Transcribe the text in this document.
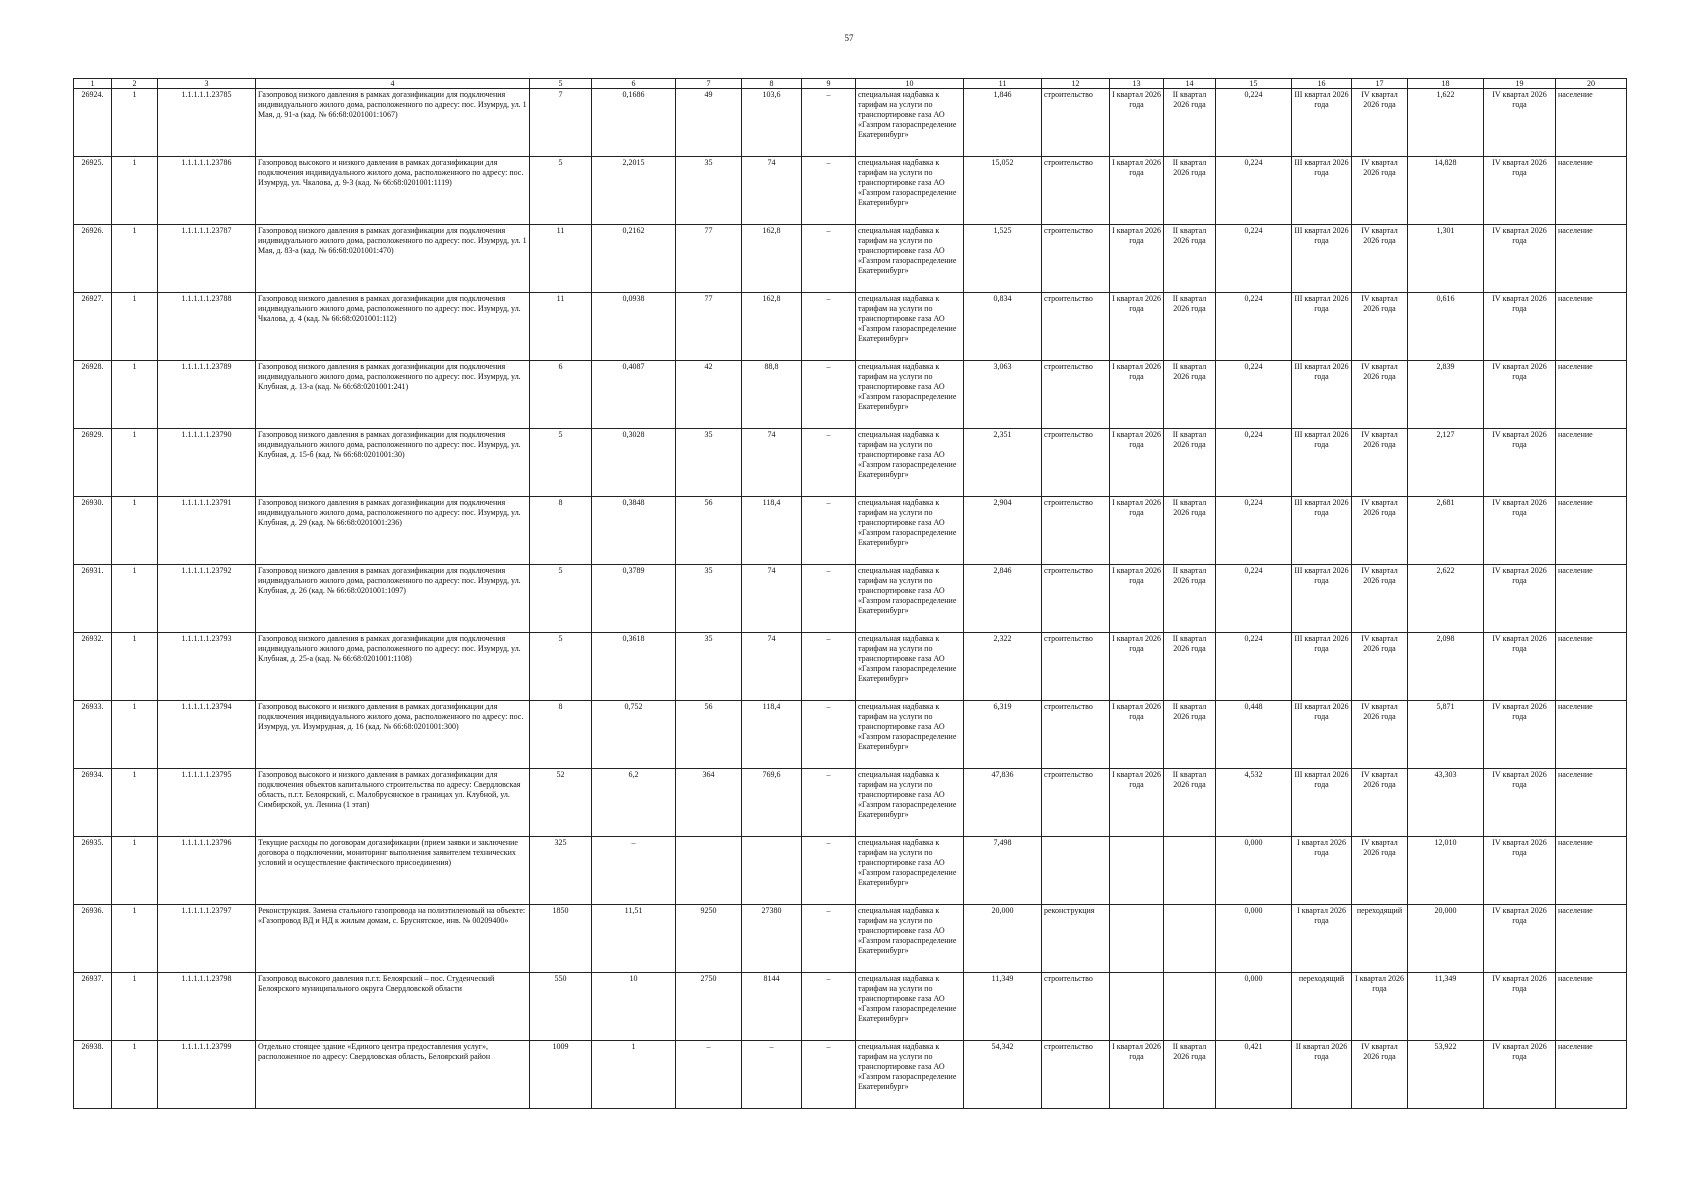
57
1	2	3	4	5	6	7	8	9	10	11	12	13	14	15	16	17	18	19	20
26924.	1	1.1.1.1.1.23785	Газопровод низкого давления в рамках догазификации для подключения индивидуального жилого дома, расположенного по адресу: пос. Изумруд, ул. 1 Мая, д. 91-а (кад. № 66:68:0201001:1067)	7	0,1686	49	103,6	–	специальная надбавка к тарифам на услуги по транспортировке газа АО «Газпром газораспределение Екатеринбург»	1,846	строительство	I квартал 2026 года	II квартал 2026 года	0,224	III квартал 2026 года	IV квартал 2026 года	1,622	IV квартал 2026 года	население
26925.	1	1.1.1.1.1.23786	Газопровод высокого и низкого давления в рамках догазификации для подключения индивидуального жилого дома, расположенного по адресу: пос. Изумруд, ул. Чкалова, д. 9-3 (кад. № 66:68:0201001:1119)	5	2,2015	35	74	–	специальная надбавка к тарифам на услуги по транспортировке газа АО «Газпром газораспределение Екатеринбург»	15,052	строительство	I квартал 2026 года	II квартал 2026 года	0,224	III квартал 2026 года	IV квартал 2026 года	14,828	IV квартал 2026 года	население
26926.	1	1.1.1.1.1.23787	Газопровод низкого давления в рамках догазификации для подключения индивидуального жилого дома, расположенного по адресу: пос. Изумруд, ул. 1 Мая, д. 83-а (кад. № 66:68:0201001:470)	11	0,2162	77	162,8	–	специальная надбавка к тарифам на услуги по транспортировке газа АО «Газпром газораспределение Екатеринбург»	1,525	строительство	I квартал 2026 года	II квартал 2026 года	0,224	III квартал 2026 года	IV квартал 2026 года	1,301	IV квартал 2026 года	население
26927.	1	1.1.1.1.1.23788	Газопровод низкого давления в рамках догазификации для подключения индивидуального жилого дома, расположенного по адресу: пос. Изумруд, ул. Чкалова, д. 4 (кад. № 66:68:0201001:112)	11	0,0938	77	162,8	–	специальная надбавка к тарифам на услуги по транспортировке газа АО «Газпром газораспределение Екатеринбург»	0,834	строительство	I квартал 2026 года	II квартал 2026 года	0,224	III квартал 2026 года	IV квартал 2026 года	0,616	IV квартал 2026 года	население
26928.	1	1.1.1.1.1.23789	Газопровод низкого давления в рамках догазификации для подключения индивидуального жилого дома, расположенного по адресу: пос. Изумруд, ул. Клубная, д. 13-а (кад. № 66:68:0201001:241)	6	0,4087	42	88,8	–	специальная надбавка к тарифам на услуги по транспортировке газа АО «Газпром газораспределение Екатеринбург»	3,063	строительство	I квартал 2026 года	II квартал 2026 года	0,224	III квартал 2026 года	IV квартал 2026 года	2,839	IV квартал 2026 года	население
26929.	1	1.1.1.1.1.23790	Газопровод низкого давления в рамках догазификации для подключения индивидуального жилого дома, расположенного по адресу: пос. Изумруд, ул. Клубная, д. 15-б (кад. № 66:68:0201001:30)	5	0,3028	35	74	–	специальная надбавка к тарифам на услуги по транспортировке газа АО «Газпром газораспределение Екатеринбург»	2,351	строительство	I квартал 2026 года	II квартал 2026 года	0,224	III квартал 2026 года	IV квартал 2026 года	2,127	IV квартал 2026 года	население
26930.	1	1.1.1.1.1.23791	Газопровод низкого давления в рамках догазификации для подключения индивидуального жилого дома, расположенного по адресу: пос. Изумруд, ул. Клубная, д. 29 (кад. № 66:68:0201001:236)	8	0,3848	56	118,4	–	специальная надбавка к тарифам на услуги по транспортировке газа АО «Газпром газораспределение Екатеринбург»	2,904	строительство	I квартал 2026 года	II квартал 2026 года	0,224	III квартал 2026 года	IV квартал 2026 года	2,681	IV квартал 2026 года	население
26931.	1	1.1.1.1.1.23792	Газопровод низкого давления в рамках догазификации для подключения индивидуального жилого дома, расположенного по адресу: пос. Изумруд, ул. Клубная, д. 26 (кад. № 66:68:0201001:1097)	5	0,3789	35	74	–	специальная надбавка к тарифам на услуги по транспортировке газа АО «Газпром газораспределение Екатеринбург»	2,846	строительство	I квартал 2026 года	II квартал 2026 года	0,224	III квартал 2026 года	IV квартал 2026 года	2,622	IV квартал 2026 года	население
26932.	1	1.1.1.1.1.23793	Газопровод низкого давления в рамках догазификации для подключения индивидуального жилого дома, расположенного по адресу: пос. Изумруд, ул. Клубная, д. 25-а (кад. № 66:68:0201001:1108)	5	0,3618	35	74	–	специальная надбавка к тарифам на услуги по транспортировке газа АО «Газпром газораспределение Екатеринбург»	2,322	строительство	I квартал 2026 года	II квартал 2026 года	0,224	III квартал 2026 года	IV квартал 2026 года	2,098	IV квартал 2026 года	население
26933.	1	1.1.1.1.1.23794	Газопровод высокого и низкого давления в рамках догазификации для подключения индивидуального жилого дома, расположенного по адресу: пос. Изумруд, ул. Изумрудная, д. 16 (кад. № 66:68:0201001:300)	8	0,752	56	118,4	–	специальная надбавка к тарифам на услуги по транспортировке газа АО «Газпром газораспределение Екатеринбург»	6,319	строительство	I квартал 2026 года	II квартал 2026 года	0,448	III квартал 2026 года	IV квартал 2026 года	5,871	IV квартал 2026 года	население
26934.	1	1.1.1.1.1.23795	Газопровод высокого и низкого давления в рамках догазификации для подключения объектов капитального строительства по адресу: Свердловская область, п.г.т. Белоярский, с. Малобрусянское в границах ул. Клубной, ул. Симбирской, ул. Ленина (1 этап)	52	6,2	364	769,6	–	специальная надбавка к тарифам на услуги по транспортировке газа АО «Газпром газораспределение Екатеринбург»	47,836	строительство	I квартал 2026 года	II квартал 2026 года	4,532	III квартал 2026 года	IV квартал 2026 года	43,303	IV квартал 2026 года	население
26935.	1	1.1.1.1.1.23796	Текущие расходы по договорам догазификации (прием заявки и заключение договора о подключении, мониторинг выполнения заявителем технических условий и осуществление фактического присоединения)	325	–			–	специальная надбавка к тарифам на услуги по транспортировке газа АО «Газпром газораспределение Екатеринбург»	7,498				0,000	I квартал 2026 года	IV квартал 2026 года	12,010	IV квартал 2026 года	население
26936.	1	1.1.1.1.1.23797	Реконструкция. Замена стального газопровода на полиэтиленовый на объекте: «Газопровод ВД и НД к жилым домам, с. Бруснятское, инв. № 00209400»	1850	11,51	9250	27380	–	специальная надбавка к тарифам на услуги по транспортировке газа АО «Газпром газораспределение Екатеринбург»	20,000	реконструкция			0,000	I квартал 2026 года	переходящий	20,000	IV квартал 2026 года	население
26937.	1	1.1.1.1.1.23798	Газопровод высокого давления п.г.т. Белоярский – пос. Студенческий Белоярского муниципального округа Свердловской области	550	10	2750	8144	–	специальная надбавка к тарифам на услуги по транспортировке газа АО «Газпром газораспределение Екатеринбург»	11,349	строительство			0,000	переходящий	I квартал 2026 года	11,349	IV квартал 2026 года	население
26938.	1	1.1.1.1.1.23799	Отдельно стоящее здание «Единого центра предоставления услуг», расположенное по адресу: Свердловская область, Белоярский район	1009	1	–	–	–	специальная надбавка к тарифам на услуги по транспортировке газа АО «Газпром газораспределение Екатеринбург»	54,342	строительство	I квартал 2026 года	II квартал 2026 года	0,421	II квартал 2026 года	IV квартал 2026 года	53,922	IV квартал 2026 года	население
